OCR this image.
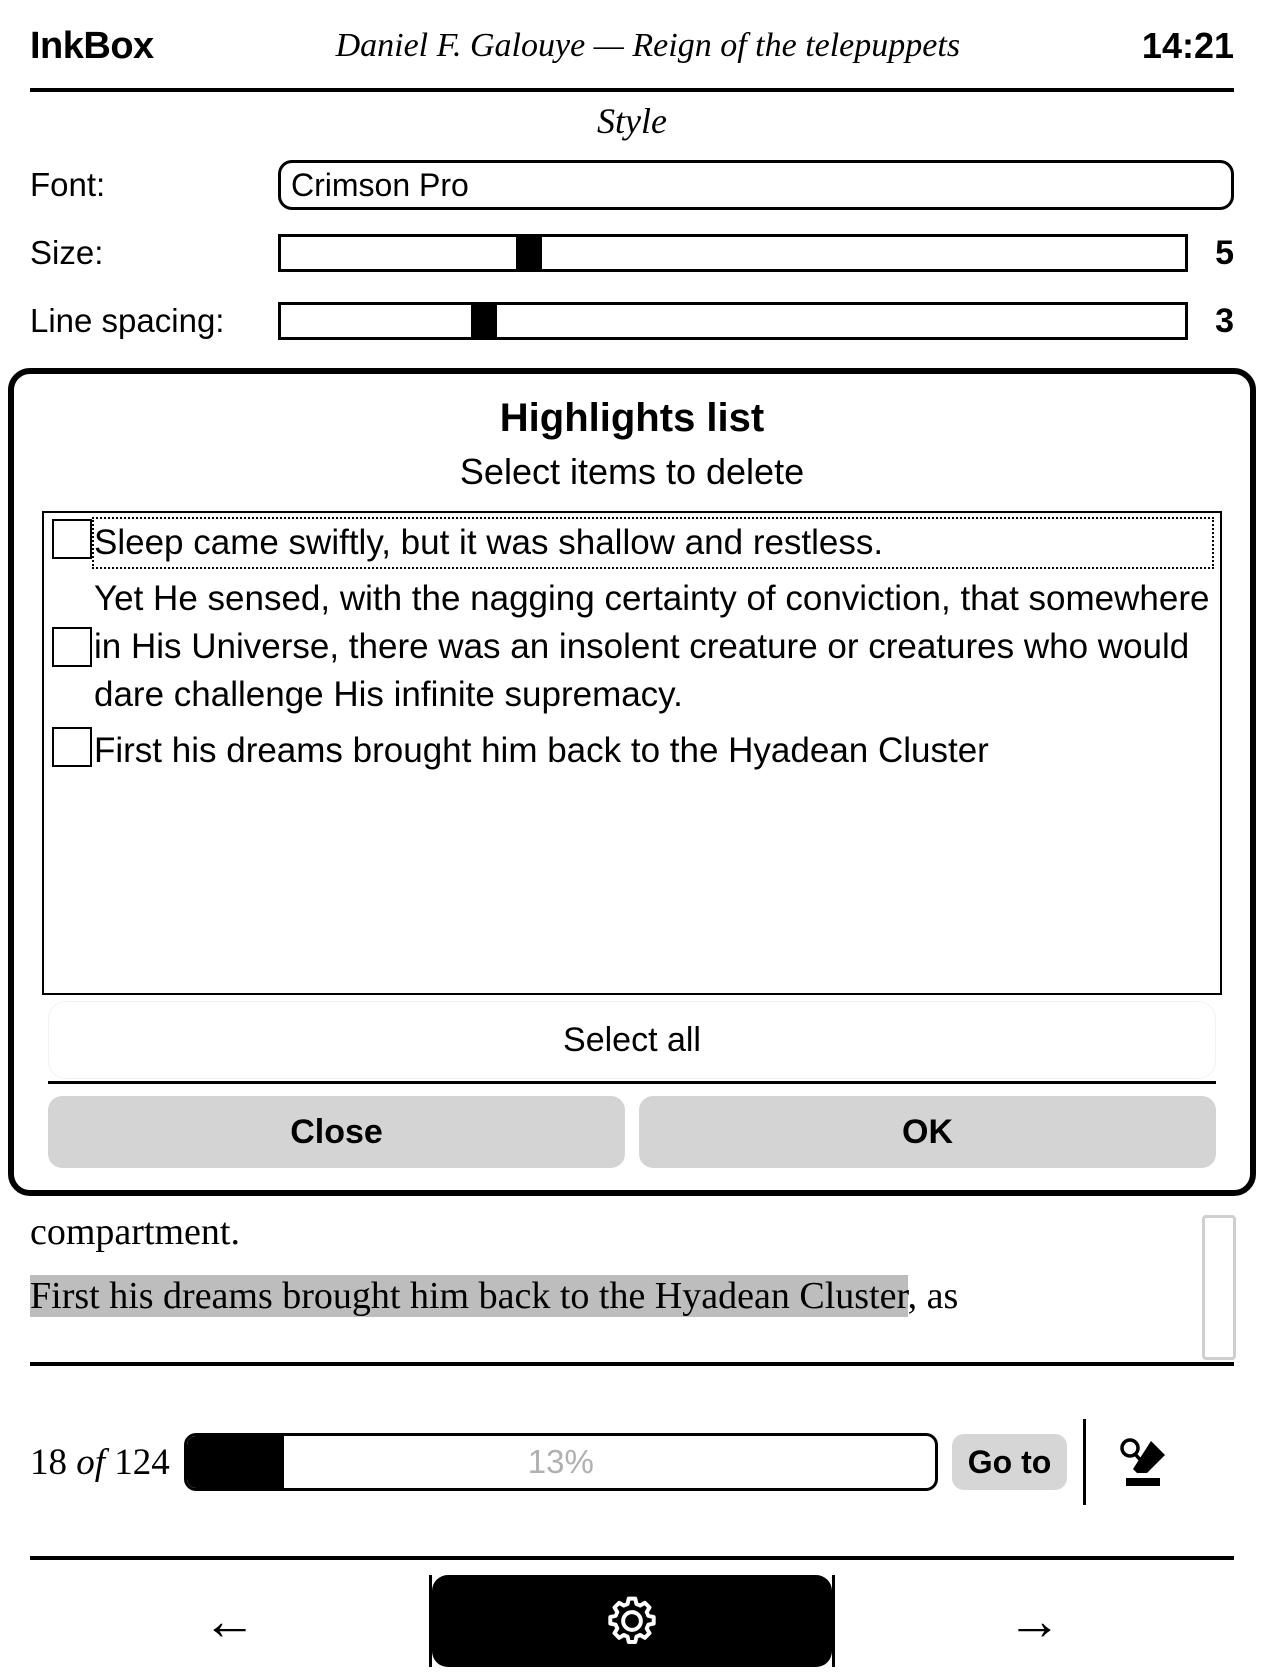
InkBox	Daniel F. Galouye — Reign of the telepuppets	14:21
Style
Font:	Crimson Pro
Size:	5
Line spacing:	3
compartment.
First his dreams brought him back to the Hyadean Cluster, as
18 of 124	13%	Go to
←	→
Highlights list
Select items to delete
Sleep came swiftly, but it was shallow and restless.
Yet He sensed, with the nagging certainty of conviction, that somewhere in His Universe, there was an insolent creature or creatures who would dare challenge His infinite supremacy.
First his dreams brought him back to the Hyadean Cluster
Select all
Close	OK
